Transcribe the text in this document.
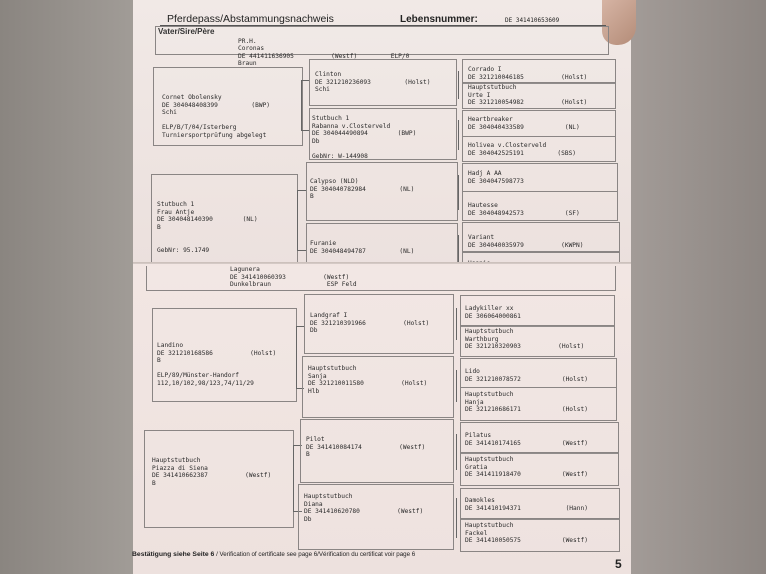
Pferdepass/Abstammungsnachweis	Lebensnummer:	DE 341410653609
Vater/Sire/Père

PR.H.
Coronas
DE 441411636905          (Westf)         ELP/0
Braun
Cornet Obolensky
DE 304048408399         (BWP)
Schi

ELP/B/T/04/Isterberg
Turniersportprüfung abgelegt
Stutbuch 1
Frau Antje
DE 304048140390        (NL)
B

GebNr: 95.1749
Clinton
DE 321210236093         (Holst)
Schi
Stutbuch 1
Rabanna v.Closterveld
DE 304044490894        (BWP)
Db

GebNr: W-144908
Calypso (NLD)
DE 304040782984         (NL)
B
Furanie
DE 304048494787         (NL)
Corrado I
DE 321210046185          (Holst)
Hauptstutbuch
Urte I
DE 321210054982          (Holst)
Heartbreaker
DE 304040433589           (NL)
Holivea v.Closterveld
DE 304042525191         (SBS)
Hadj A AA
DE 304047598773
Hautesse
DE 304048942573           (SF)
Variant
DE 304040035979          (KWPN)
Lagunera
DE 341410060393          (Westf)
Dunkelbraun               ESP Feld
Landino
DE 321210168586          (Holst)
B

ELP/89/Münster-Handorf
112,10/102,98/123,74/11/29
Hauptstutbuch
Piazza di Siena
DE 341410662387          (Westf)
B
Landgraf I
DE 321210391966          (Holst)
Db
Hauptstutbuch
Sanja
DE 321210011580          (Holst)
Hlb
Pilot
DE 341410084174          (Westf)
B
Hauptstutbuch
Diana
DE 341410620780          (Westf)
Db
Ladykiller xx
DE 306064000861
Hauptstutbuch
Warthburg
DE 321210320903          (Holst)
Lido
DE 321210078572           (Holst)
Hauptstutbuch
Hanja
DE 321210686171           (Holst)
Pilatus
DE 341410174165           (Westf)
Hauptstutbuch
Gratia
DE 341411918470           (Westf)
Damokles
DE 341410194371            (Hann)
Hauptstutbuch
Fackel
DE 341410050575           (Westf)
Bestätigung siehe Seite 6 / Verification of certificate see page 6/Vérification du certificat voir page 6
5
